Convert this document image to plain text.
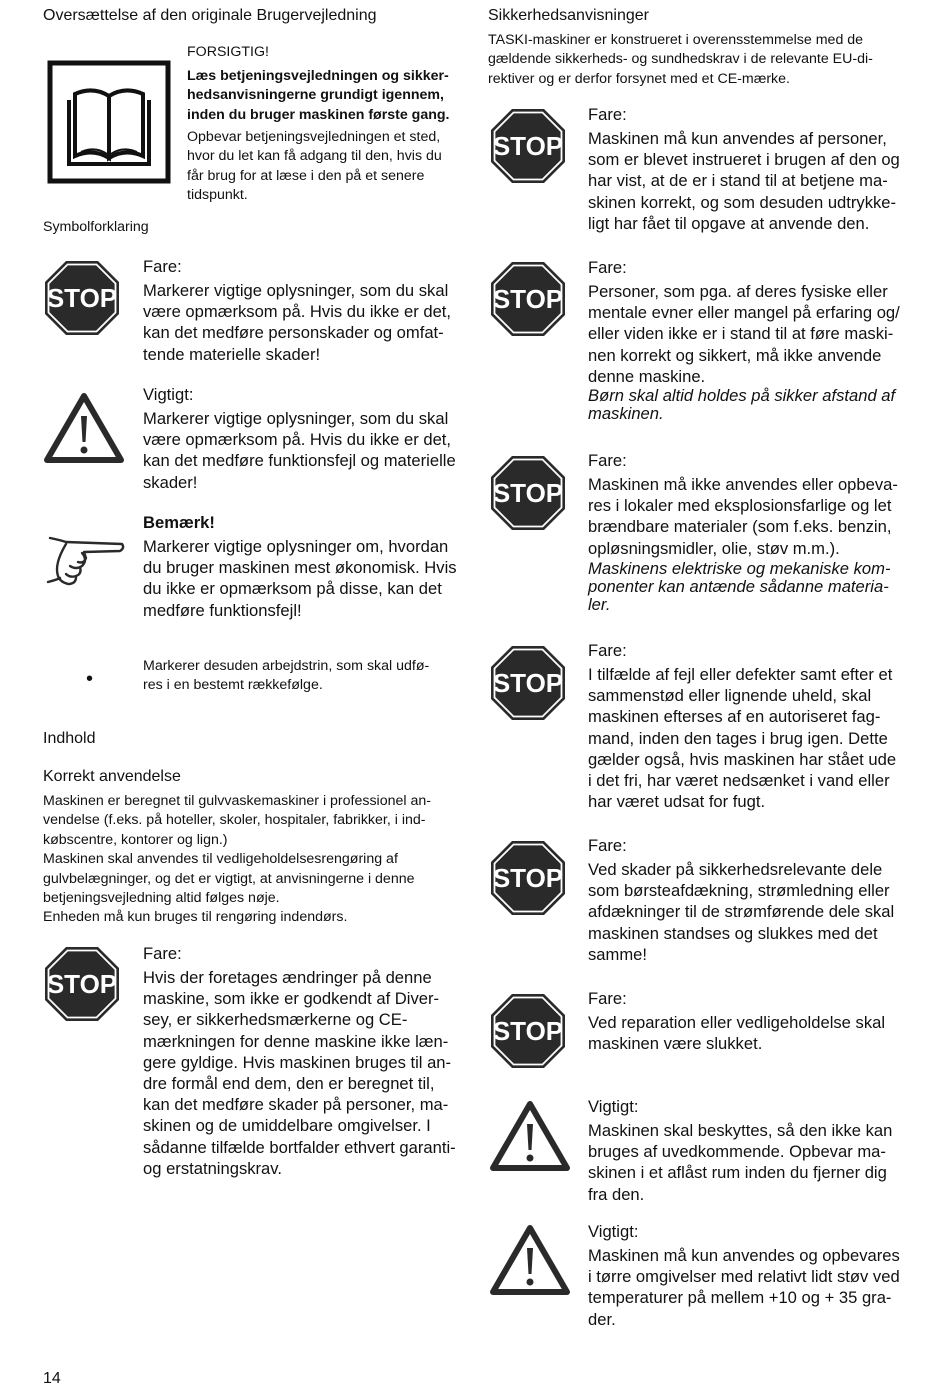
Oversættelse af den originale Brugervejledning
FORSIGTIG!
Læs betjeningsvejledningen og sikker-
hedsanvisningerne grundigt igennem,
inden du bruger maskinen første gang.
Opbevar betjeningsvejledningen et sted,
hvor du let kan få adgang til den, hvis du
får brug for at læse i den på et senere
tidspunkt.
Symbolforklaring
STOP
Fare:
Markerer vigtige oplysninger, som du skal
være opmærksom på. Hvis du ikke er det,
kan det medføre personskader og omfat-
tende materielle skader!
Vigtigt:
Markerer vigtige oplysninger, som du skal
være opmærksom på. Hvis du ikke er det,
kan det medføre funktionsfejl og materielle
skader!
Bemærk!
Markerer vigtige oplysninger om, hvordan
du bruger maskinen mest økonomisk. Hvis
du ikke er opmærksom på disse, kan det
medføre funktionsfejl!
•
Markerer desuden arbejdstrin, som skal udfø-
res i en bestemt rækkefølge.
Indhold
Korrekt anvendelse
Maskinen er beregnet til gulvvaskemaskiner i professionel an-
vendelse (f.eks. på hoteller, skoler, hospitaler, fabrikker, i ind-
købscentre, kontorer og lign.)
Maskinen skal anvendes til vedligeholdelsesrengøring af
gulvbelægninger, og det er vigtigt, at anvisningerne i denne
betjeningsvejledning altid følges nøje.
Enheden må kun bruges til rengøring indendørs.
STOP
Fare:
Hvis der foretages ændringer på denne
maskine, som ikke er godkendt af Diver-
sey, er sikkerhedsmærkerne og CE-
mærkningen for denne maskine ikke læn-
gere gyldige. Hvis maskinen bruges til an-
dre formål end dem, den er beregnet til,
kan det medføre skader på personer, ma-
skinen og de umiddelbare omgivelser. I
sådanne tilfælde bortfalder ethvert garanti-
og erstatningskrav.
Sikkerhedsanvisninger
TASKI-maskiner er konstrueret i overensstemmelse med de
gældende sikkerheds- og sundhedskrav i de relevante EU-di-
rektiver og er derfor forsynet med et CE-mærke.
STOP
Fare:
Maskinen må kun anvendes af personer,
som er blevet instrueret i brugen af den og
har vist, at de er i stand til at betjene ma-
skinen korrekt, og som desuden udtrykke-
ligt har fået til opgave at anvende den.
STOP
Fare:
Personer, som pga. af deres fysiske eller
mentale evner eller mangel på erfaring og/
eller viden ikke er i stand til at føre maski-
nen korrekt og sikkert, må ikke anvende
denne maskine.
Børn skal altid holdes på sikker afstand af
maskinen.
STOP
Fare:
Maskinen må ikke anvendes eller opbeva-
res i lokaler med eksplosionsfarlige og let
brændbare materialer (som f.eks. benzin,
opløsningsmidler, olie, støv m.m.).
Maskinens elektriske og mekaniske kom-
ponenter kan antænde sådanne materia-
ler.
STOP
Fare:
I tilfælde af fejl eller defekter samt efter et
sammenstød eller lignende uheld, skal
maskinen efterses af en autoriseret fag-
mand, inden den tages i brug igen. Dette
gælder også, hvis maskinen har stået ude
i det fri, har været nedsænket i vand eller
har været udsat for fugt.
STOP
Fare:
Ved skader på sikkerhedsrelevante dele
som børsteafdækning, strømledning eller
afdækninger til de strømførende dele skal
maskinen standses og slukkes med det
samme!
STOP
Fare:
Ved reparation eller vedligeholdelse skal
maskinen være slukket.
Vigtigt:
Maskinen skal beskyttes, så den ikke kan
bruges af uvedkommende. Opbevar ma-
skinen i et aflåst rum inden du fjerner dig
fra den.
Vigtigt:
Maskinen må kun anvendes og opbevares
i tørre omgivelser med relativt lidt støv ved
temperaturer på mellem +10 og + 35 gra-
der.
14
